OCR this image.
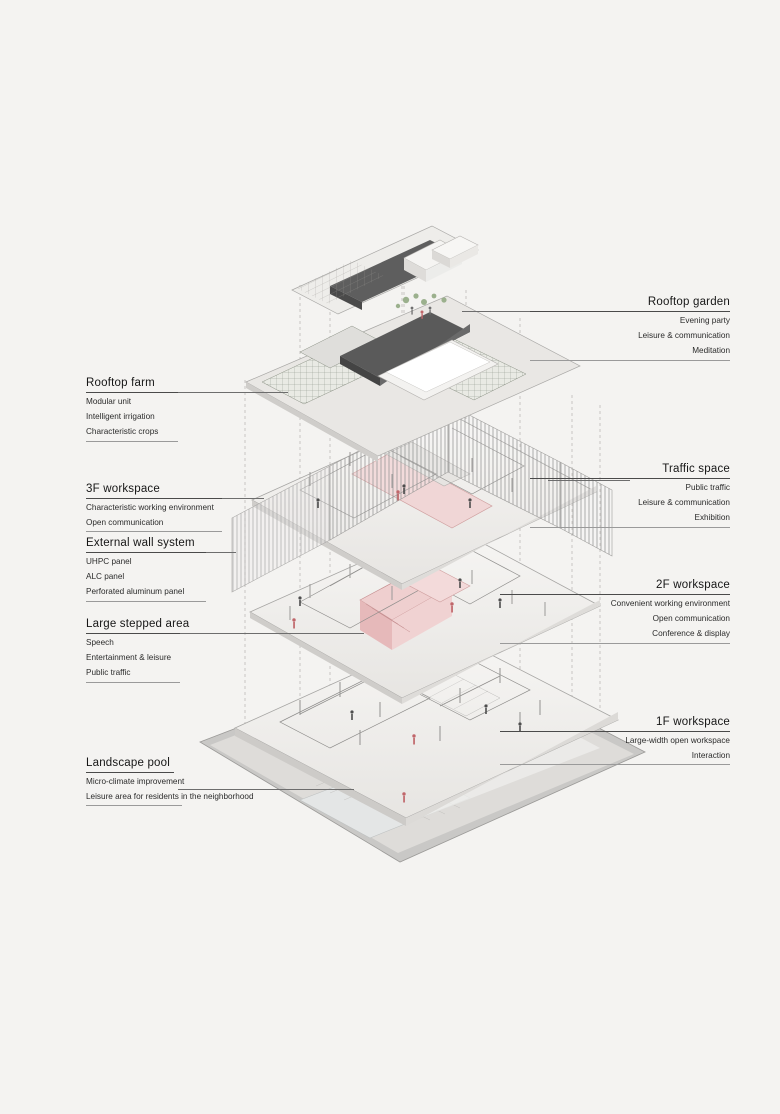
Rooftop garden
Evening party
Leisure & communication
Meditation
Rooftop farm
Modular unit
Intelligent irrigation
Characteristic crops
Traffic space
Public traffic
Leisure & communication
Exhibition
3F workspace
Characteristic working environment
Open communication
External wall system
UHPC panel
ALC panel
Perforated aluminum panel
2F workspace
Convenient working environment
Open communication
Conference & display
Large stepped area
Speech
Entertainment & leisure
Public traffic
1F workspace
Large-width open workspace
Interaction
Landscape pool
Micro-climate improvement
Leisure area for residents in the neighborhood
